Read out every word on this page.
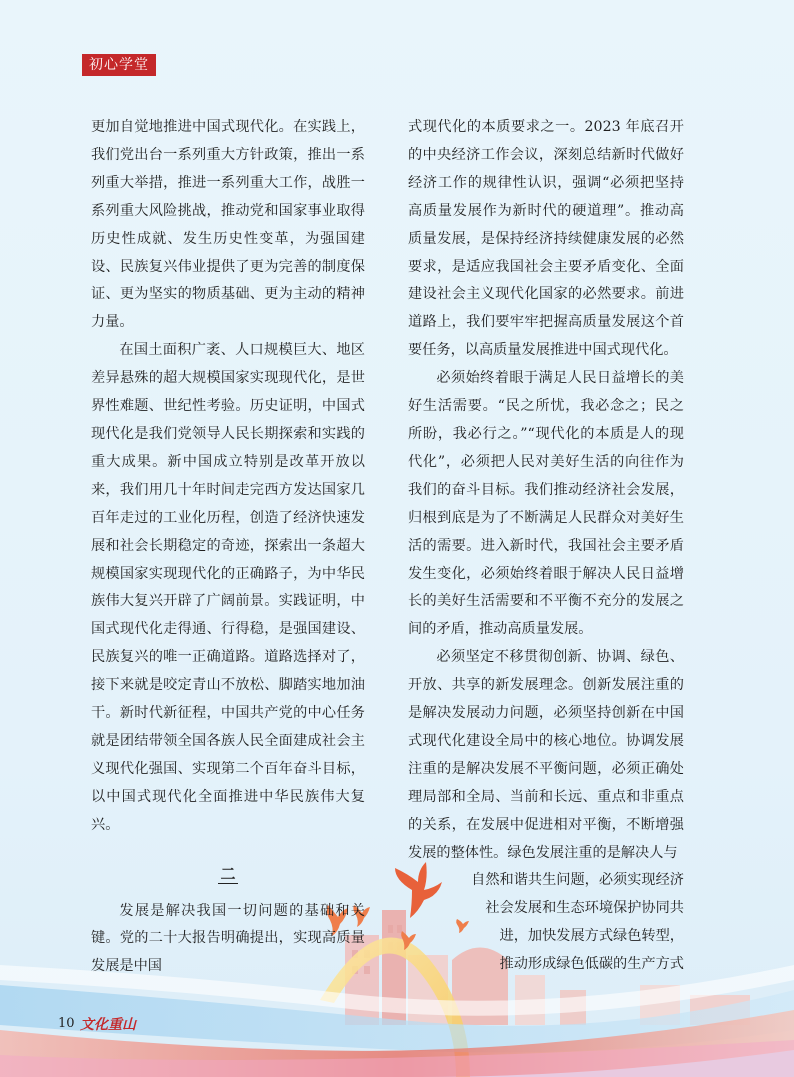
初心学堂

更加自觉地推进中国式现代化。在实践上，我们党出台一系列重大方针政策，推出一系列重大举措，推进一系列重大工作，战胜一系列重大风险挑战，推动党和国家事业取得历史性成就、发生历史性变革，为强国建设、民族复兴伟业提供了更为完善的制度保证、更为坚实的物质基础、更为主动的精神力量。

在国土面积广袤、人口规模巨大、地区差异悬殊的超大规模国家实现现代化，是世界性难题、世纪性考验。历史证明，中国式现代化是我们党领导人民长期探索和实践的重大成果。新中国成立特别是改革开放以来，我们用几十年时间走完西方发达国家几百年走过的工业化历程，创造了经济快速发展和社会长期稳定的奇迹，探索出一条超大规模国家实现现代化的正确路子，为中华民族伟大复兴开辟了广阔前景。实践证明，中国式现代化走得通、行得稳，是强国建设、民族复兴的唯一正确道路。道路选择对了，接下来就是咬定青山不放松、脚踏实地加油干。新时代新征程，中国共产党的中心任务就是团结带领全国各族人民全面建成社会主义现代化强国、实现第二个百年奋斗目标，以中国式现代化全面推进中华民族伟大复兴。

二

发展是解决我国一切问题的基础和关键。党的二十大报告明确提出，实现高质量发展是中国

式现代化的本质要求之一。2023 年底召开的中央经济工作会议，深刻总结新时代做好经济工作的规律性认识，强调“必须把坚持高质量发展作为新时代的硬道理”。推动高质量发展，是保持经济持续健康发展的必然要求，是适应我国社会主要矛盾变化、全面建设社会主义现代化国家的必然要求。前进道路上，我们要牢牢把握高质量发展这个首要任务，以高质量发展推进中国式现代化。

必须始终着眼于满足人民日益增长的美好生活需要。“民之所忧，我必念之；民之所盼，我必行之。”“现代化的本质是人的现代化”，必须把人民对美好生活的向往作为我们的奋斗目标。我们推动经济社会发展，归根到底是为了不断满足人民群众对美好生活的需要。进入新时代，我国社会主要矛盾发生变化，必须始终着眼于解决人民日益增长的美好生活需要和不平衡不充分的发展之间的矛盾，推动高质量发展。

必须坚定不移贯彻创新、协调、绿色、开放、共享的新发展理念。创新发展注重的是解决发展动力问题，必须坚持创新在中国式现代化建设全局中的核心地位。协调发展注重的是解决发展不平衡问题，必须正确处理局部和全局、当前和长远、重点和非重点的关系，在发展中促进相对平衡，不断增强发展的整体性。绿色发展注重的是解决人与

自然和谐共生问题，必须实现经济
社会发展和生态环境保护协同共
进，加快发展方式绿色转型，
推动形成绿色低碳的生产方式
10 文化重山
